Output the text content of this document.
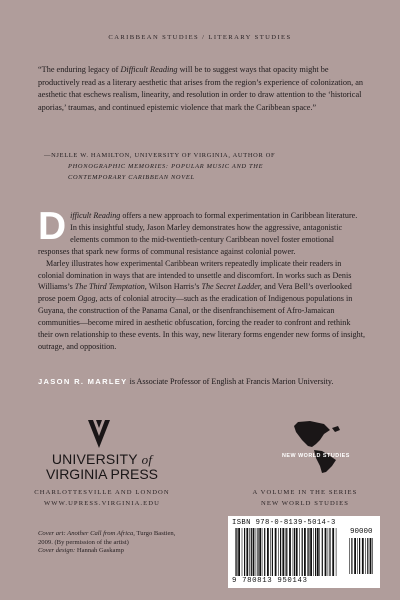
CARIBBEAN STUDIES / LITERARY STUDIES
“The enduring legacy of Difficult Reading will be to suggest ways that opacity might be productively read as a literary aesthetic that arises from the region’s experience of colonization, an aesthetic that eschews realism, linearity, and resolution in order to draw attention to the ‘historical aporias,’ traumas, and continued epistemic violence that mark the Caribbean space.”
—NJELLE W. HAMILTON, UNIVERSITY OF VIRGINIA, AUTHOR OF
PHONOGRAPHIC MEMORIES: POPULAR MUSIC AND THE
CONTEMPORARY CARIBBEAN NOVEL

Difficult Reading offers a new approach to formal experimentation in Caribbean literature. In this insightful study, Jason Marley demonstrates how the aggressive, antagonistic elements common to the mid-twentieth-century Caribbean novel foster emotional responses that spark new forms of communal resistance against colonial power.

Marley illustrates how experimental Caribbean writers repeatedly implicate their readers in colonial domination in ways that are intended to unsettle and discomfort. In works such as Denis Williams’s The Third Temptation, Wilson Harris’s The Secret Ladder, and Vera Bell’s overlooked prose poem Ogog, acts of colonial atrocity—such as the eradication of Indigenous populations in Guyana, the construction of the Panama Canal, or the disenfranchisement of Afro-Jamaican communities—become mired in aesthetic obfuscation, forcing the reader to confront and rethink their own relationship to these events. In this way, new literary forms engender new forms of insight, outrage, and opposition.

JASON R. MARLEY is Associate Professor of English at Francis Marion University.
UNIVERSITY of
VIRGINIA PRESS
CHARLOTTESVILLE AND LONDON
WWW.UPRESS.VIRGINIA.EDU
NEW WORLD STUDIES
A VOLUME IN THE SERIES
NEW WORLD STUDIES
Cover art: Another Call from Africa, Turgo Bastien, 2009. (By permission of the artist)
Cover design: Hannah Gaskamp
ISBN 978-0-8139-5014-3
90000
9 780813 950143
